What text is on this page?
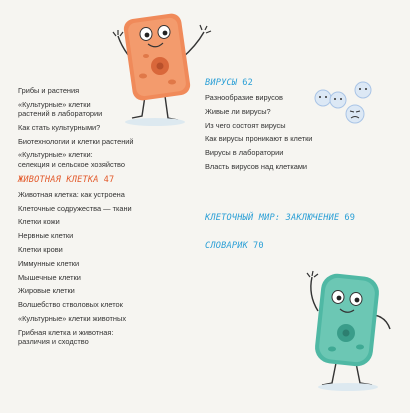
Грибы и растения
«Культурные» клетки
растений в лаборатории
Как стать культурными?
Биотехнологии и клетки растений
«Культурные» клетки:
селекция и сельское хозяйство
ЖИВОТНАЯ КЛЕТКА 47
Животная клетка: как устроена
Клеточные содружества — ткани
Клетки кожи
Нервные клетки
Клетки крови
Иммунные клетки
Мышечные клетки
Жировые клетки
Волшебство стволовых клеток
«Культурные» клетки животных
Грибная клетка и животная:
различия и сходство
ВИРУСЫ 62
Разнообразие вирусов
Живые ли вирусы?
Из чего состоят вирусы
Как вирусы проникают в клетки
Вирусы в лаборатории
Власть вирусов над клетками
КЛЕТОЧНЫЙ МИР: ЗАКЛЮЧЕНИЕ 69
СЛОВАРИК 70
